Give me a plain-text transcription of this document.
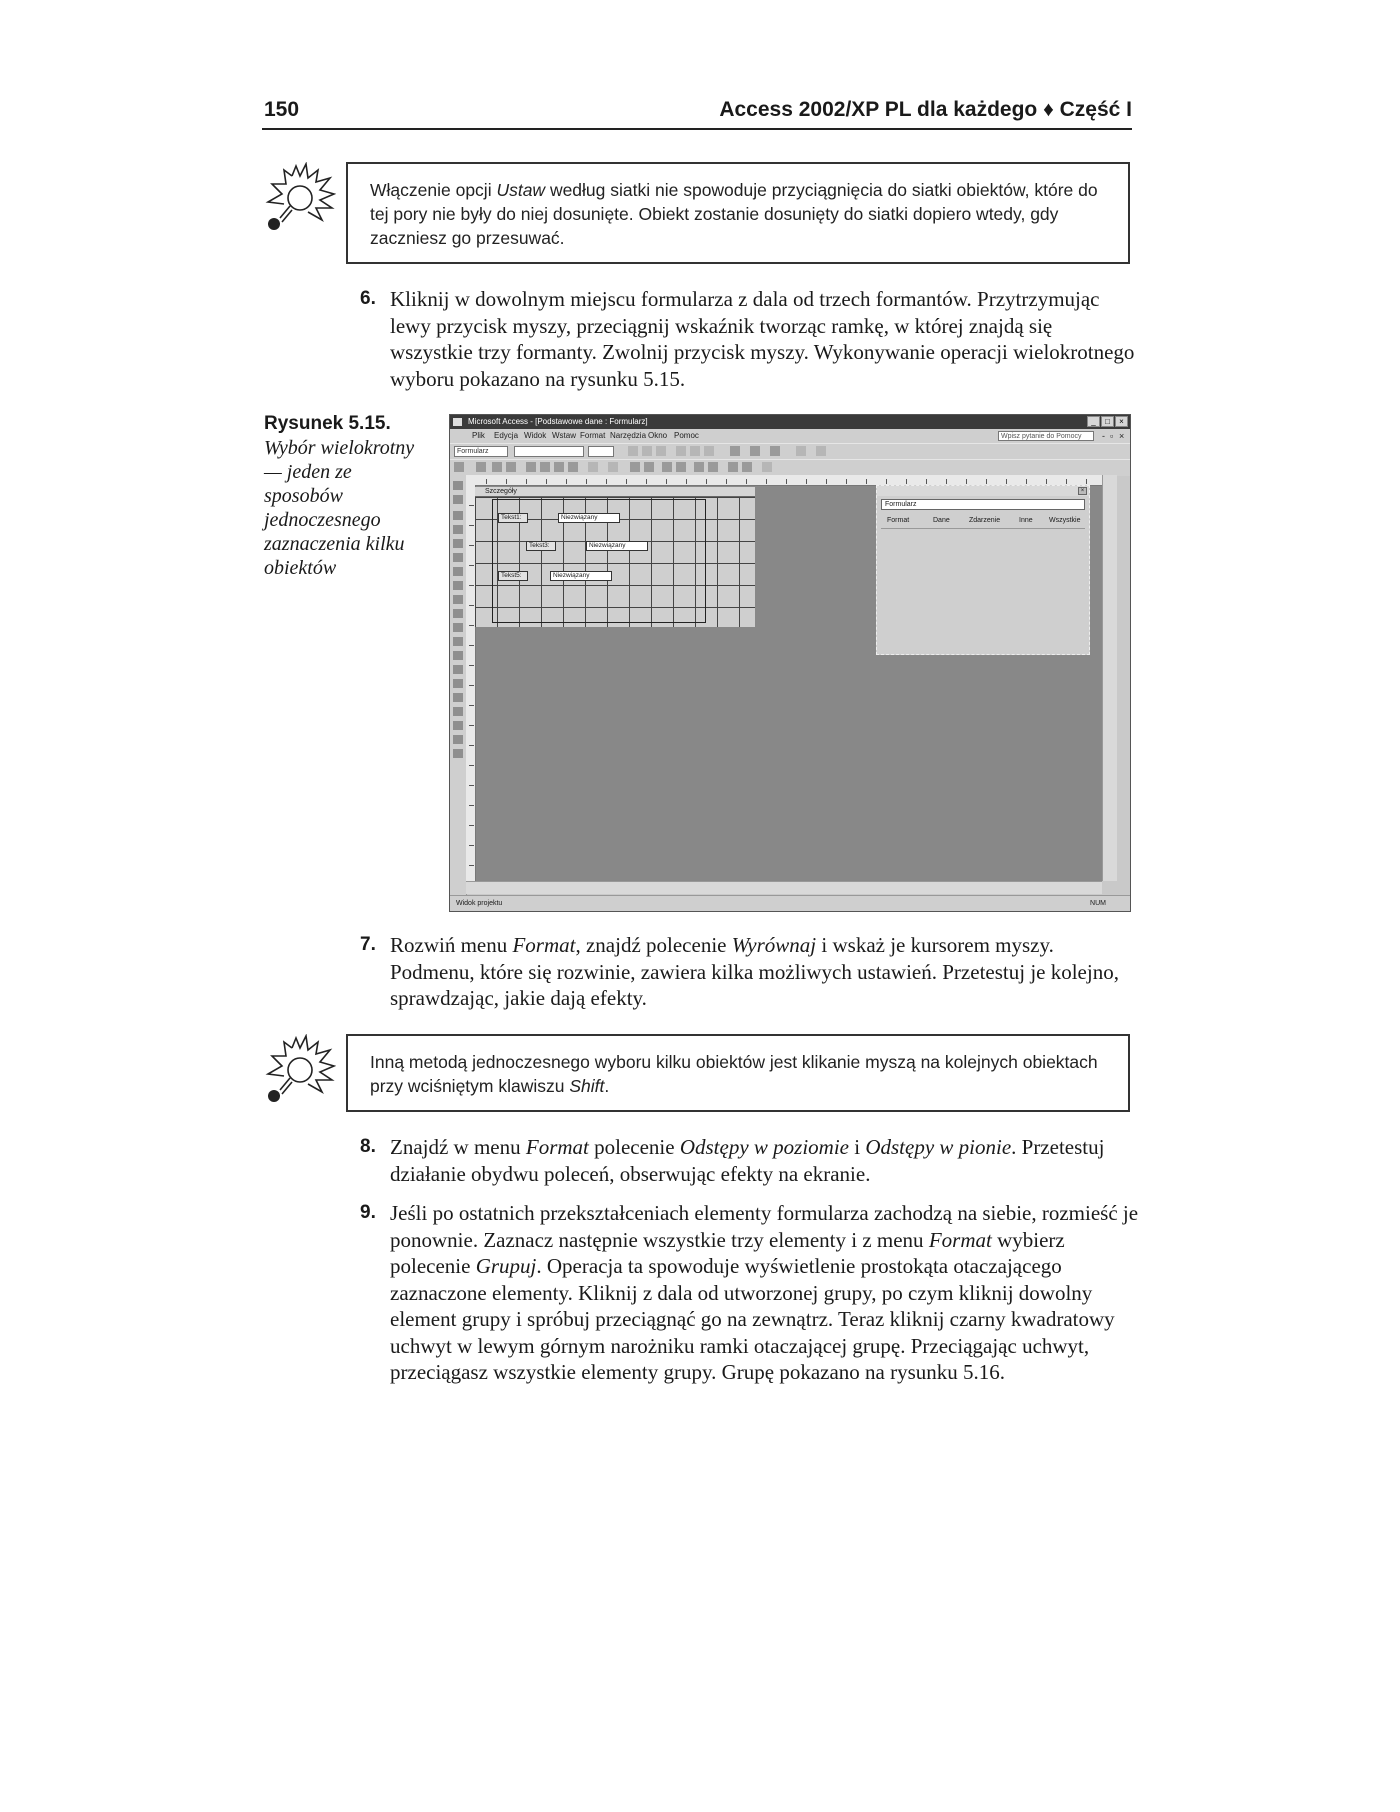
150	Access 2002/XP PL dla każdego ♦ Część I
Włączenie opcji Ustaw według siatki nie spowoduje przyciągnięcia do siatki obiektów, które do tej pory nie były do niej dosunięte. Obiekt zostanie dosunięty do siatki dopiero wtedy, gdy zaczniesz go przesuwać.
6. Kliknij w dowolnym miejscu formularza z dala od trzech formantów. Przytrzymując lewy przycisk myszy, przeciągnij wskaźnik tworząc ramkę, w której znajdą się wszystkie trzy formanty. Zwolnij przycisk myszy. Wykonywanie operacji wielokrotnego wyboru pokazano na rysunku 5.15.
Rysunek 5.15.
Wybór wielokrotny — jeden ze sposobów jednoczesnego zaznaczenia kilku obiektów
Microsoft Access - [Podstawowe dane : Formularz]	_	□	×
Plik Edycja Widok Wstaw Format Narzędzia Okno Pomoc	Wpisz pytanie do Pomocy	- ▫ ×
Formularz
Szczegóły
Tekst1:	Niezwiązany
Tekst3:	Niezwiązany
Tekst5:	Niezwiązany
×
Formularz
Format	Dane	Zdarzenie	Inne Wszystkie
Widok projektu	NUM
7. Rozwiń menu Format, znajdź polecenie Wyrównaj i wskaż je kursorem myszy. Podmenu, które się rozwinie, zawiera kilka możliwych ustawień. Przetestuj je kolejno, sprawdzając, jakie dają efekty.
Inną metodą jednoczesnego wyboru kilku obiektów jest klikanie myszą na kolejnych obiektach przy wciśniętym klawiszu Shift.
8. Znajdź w menu Format polecenie Odstępy w poziomie i Odstępy w pionie. Przetestuj działanie obydwu poleceń, obserwując efekty na ekranie.
9. Jeśli po ostatnich przekształceniach elementy formularza zachodzą na siebie, rozmieść je ponownie. Zaznacz następnie wszystkie trzy elementy i z menu Format wybierz polecenie Grupuj. Operacja ta spowoduje wyświetlenie prostokąta otaczającego zaznaczone elementy. Kliknij z dala od utworzonej grupy, po czym kliknij dowolny element grupy i spróbuj przeciągnąć go na zewnątrz. Teraz kliknij czarny kwadratowy uchwyt w lewym górnym narożniku ramki otaczającej grupę. Przeciągając uchwyt, przeciągasz wszystkie elementy grupy. Grupę pokazano na rysunku 5.16.
